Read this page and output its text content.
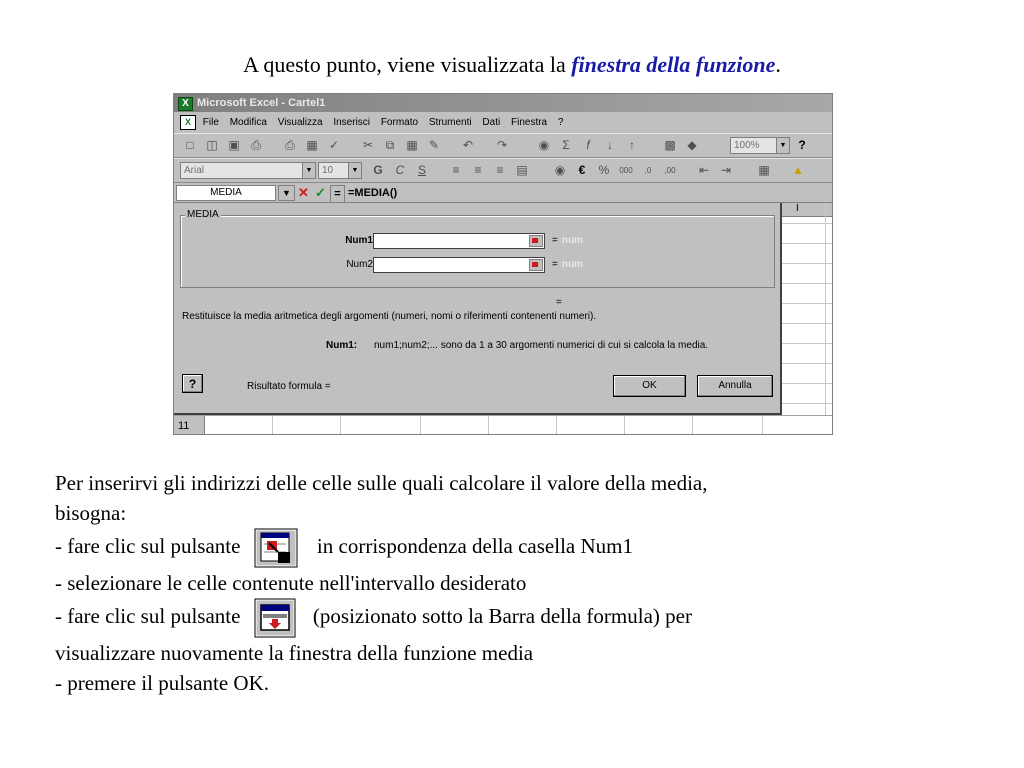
A questo punto, viene visualizzata la finestra della funzione.
X Microsoft Excel - Cartel1
X File Modifica Visualizza Inserisci Formato Strumenti Dati Finestra ?
□	◫ ▣ ⎙ ⎙ ▦ ✓ ✂	⧉	▦ ✎ ↶ ↷	◉	Σ	f	↓	↑	▩ ◆	100%	▼ ?
Arial	▼ 10	▼ G	C	S	≡	≡	≡	▤ ◉	€	%	000	,0	,00 ⇤ ⇥ ▦ ▲
MEDIA	▼ ✕ ✓ = =MEDIA()
I
11
MEDIA
Num1	= num
Num2	= num
=
Restituisce la media aritmetica degli argomenti (numeri, nomi o riferimenti contenenti numeri).
Num1: num1;num2;... sono da 1 a 30 argomenti numerici di cui si calcola la media.
?	Risultato formula =	OK	Annulla
Per inserirvi gli indirizzi delle celle sulle quali calcolare il valore della media,
bisogna:
- fare clic sul pulsante	in corrispondenza della casella Num1
- selezionare le celle contenute nell'intervallo desiderato
- fare clic sul pulsante	(posizionato sotto la Barra della formula) per
visualizzare nuovamente la finestra della funzione media
- premere il pulsante OK.
